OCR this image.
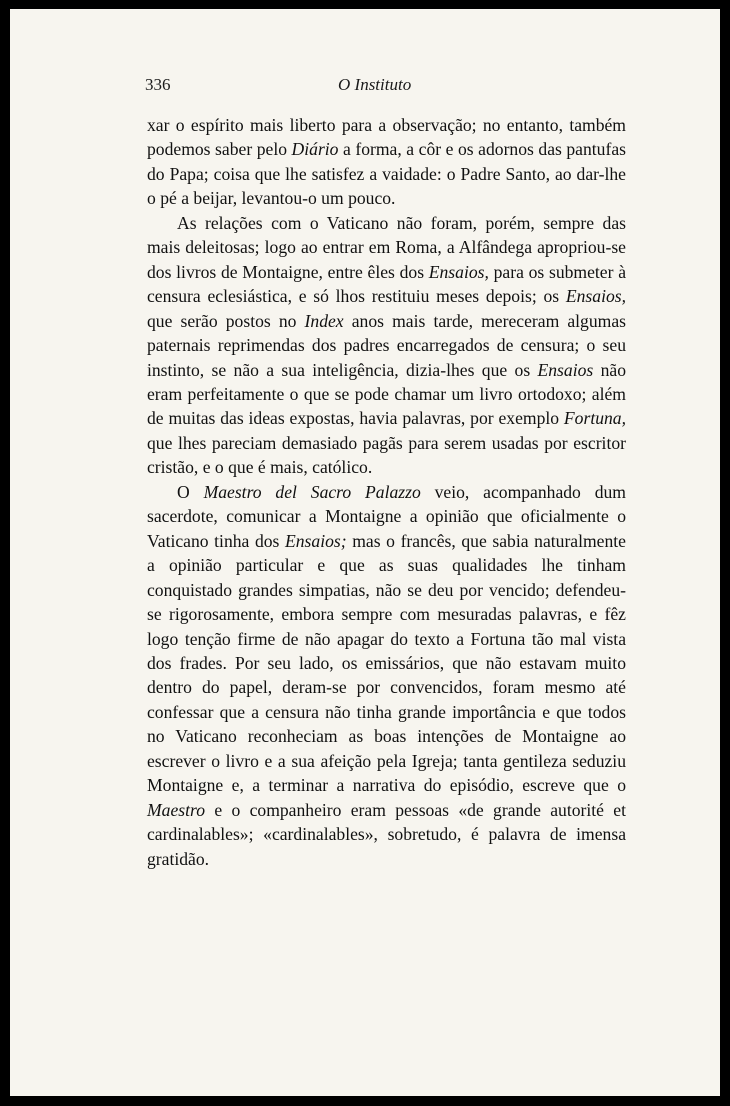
336	O Instituto

xar o espírito mais liberto para a observação; no entanto, também podemos saber pelo Diário a forma, a côr e os adornos das pantufas do Papa; coisa que lhe satisfez a vaidade: o Padre Santo, ao dar-lhe o pé a beijar, levantou-o um pouco.

As relações com o Vaticano não foram, porém, sempre das mais deleitosas; logo ao entrar em Roma, a Alfândega apropriou-se dos livros de Montaigne, entre êles dos Ensaios, para os submeter à censura eclesiástica, e só lhos restituiu meses depois; os Ensaios, que serão postos no Index anos mais tarde, mereceram algumas paternais reprimendas dos padres encarregados de censura; o seu instinto, se não a sua inteligência, dizia-lhes que os Ensaios não eram perfeitamente o que se pode chamar um livro ortodoxo; além de muitas das ideas expostas, havia palavras, por exemplo Fortuna, que lhes pareciam demasiado pagãs para serem usadas por escritor cristão, e o que é mais, católico.

O Maestro del Sacro Palazzo veio, acompanhado dum sacerdote, comunicar a Montaigne a opinião que oficialmente o Vaticano tinha dos Ensaios; mas o francês, que sabia naturalmente a opinião particular e que as suas qualidades lhe tinham conquistado grandes simpatias, não se deu por vencido; defendeu-se rigorosamente, embora sempre com mesuradas palavras, e fêz logo tenção firme de não apagar do texto a Fortuna tão mal vista dos frades. Por seu lado, os emissários, que não estavam muito dentro do papel, deram-se por convencidos, foram mesmo até confessar que a censura não tinha grande importância e que todos no Vaticano reconheciam as boas intenções de Montaigne ao escrever o livro e a sua afeição pela Igreja; tanta gentileza seduziu Montaigne e, a terminar a narrativa do episódio, escreve que o Maestro e o companheiro eram pessoas «de grande autorité et cardinalables»; «cardinalables», sobretudo, é palavra de imensa gratidão.
